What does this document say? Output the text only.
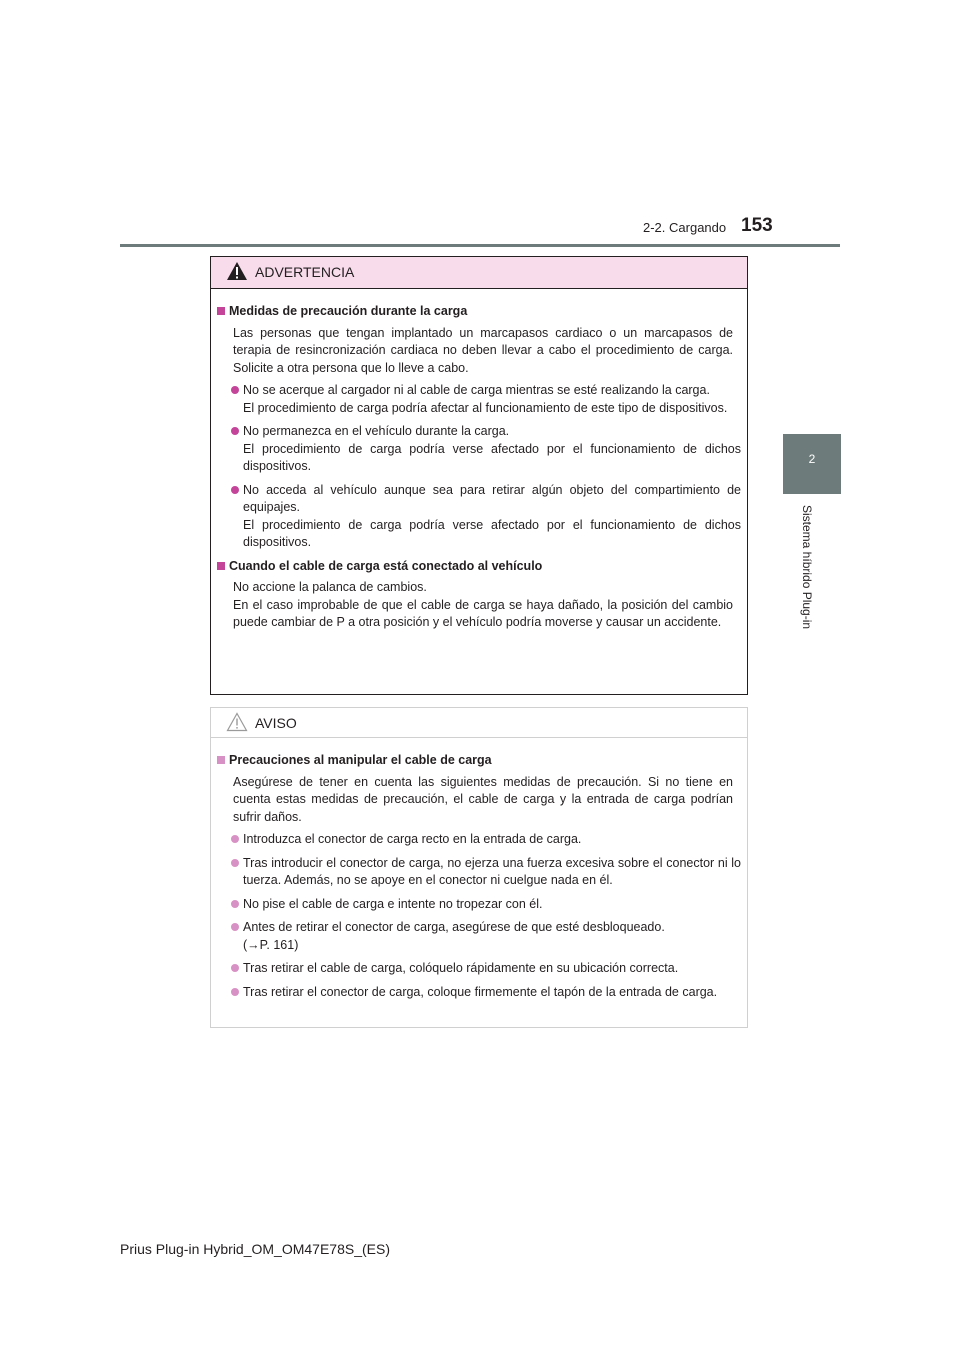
2-2. Cargando 153
2
Sistema híbrido Plug-in
ADVERTENCIA
Medidas de precaución durante la carga
Las personas que tengan implantado un marcapasos cardiaco o un marcapasos de terapia de resincronización cardiaca no deben llevar a cabo el procedimiento de carga. Solicite a otra persona que lo lleve a cabo.
No se acerque al cargador ni al cable de carga mientras se esté realizando la carga.
El procedimiento de carga podría afectar al funcionamiento de este tipo de dispositivos.
No permanezca en el vehículo durante la carga.
El procedimiento de carga podría verse afectado por el funcionamiento de dichos dispositivos.
No acceda al vehículo aunque sea para retirar algún objeto del compartimiento de equipajes.
El procedimiento de carga podría verse afectado por el funcionamiento de dichos dispositivos.
Cuando el cable de carga está conectado al vehículo
No accione la palanca de cambios.
En el caso improbable de que el cable de carga se haya dañado, la posición del cambio puede cambiar de P a otra posición y el vehículo podría moverse y causar un accidente.
AVISO
Precauciones al manipular el cable de carga
Asegúrese de tener en cuenta las siguientes medidas de precaución. Si no tiene en cuenta estas medidas de precaución, el cable de carga y la entrada de carga podrían sufrir daños.
Introduzca el conector de carga recto en la entrada de carga.
Tras introducir el conector de carga, no ejerza una fuerza excesiva sobre el conector ni lo tuerza. Además, no se apoye en el conector ni cuelgue nada en él.
No pise el cable de carga e intente no tropezar con él.
Antes de retirar el conector de carga, asegúrese de que esté desbloqueado.
(→P. 161)
Tras retirar el cable de carga, colóquelo rápidamente en su ubicación correcta.
Tras retirar el conector de carga, coloque firmemente el tapón de la entrada de carga.
Prius Plug-in Hybrid_OM_OM47E78S_(ES)
